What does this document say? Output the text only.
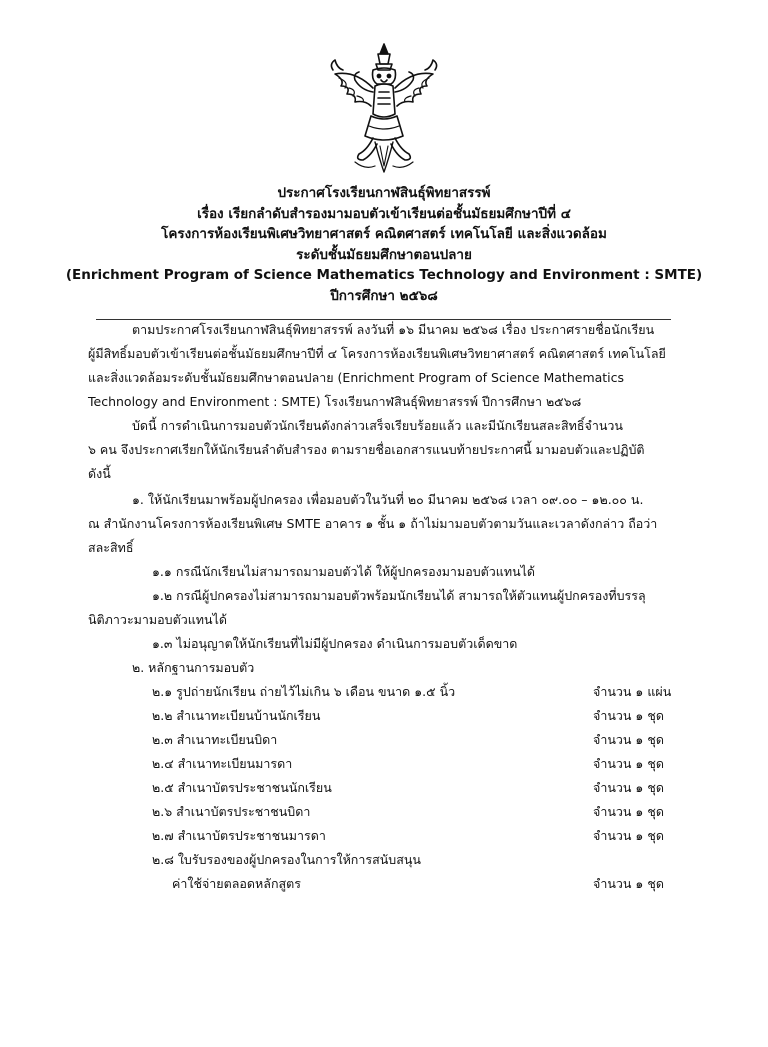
ประกาศโรงเรียนกาฬสินธุ์พิทยาสรรพ์
เรื่อง เรียกลำดับสำรองมามอบตัวเข้าเรียนต่อชั้นมัธยมศึกษาปีที่ ๔
โครงการห้องเรียนพิเศษวิทยาศาสตร์ คณิตศาสตร์ เทคโนโลยี และสิ่งแวดล้อม
ระดับชั้นมัธยมศึกษาตอนปลาย
(Enrichment Program of Science Mathematics Technology and Environment : SMTE)
ปีการศึกษา ๒๕๖๘
ตามประกาศโรงเรียนกาฬสินธุ์พิทยาสรรพ์ ลงวันที่ ๑๖ มีนาคม ๒๕๖๘ เรื่อง ประกาศรายชื่อนักเรียน
ผู้มีสิทธิ์มอบตัวเข้าเรียนต่อชั้นมัธยมศึกษาปีที่ ๔ โครงการห้องเรียนพิเศษวิทยาศาสตร์ คณิตศาสตร์ เทคโนโลยี
และสิ่งแวดล้อมระดับชั้นมัธยมศึกษาตอนปลาย (Enrichment Program of Science Mathematics
Technology and Environment : SMTE) โรงเรียนกาฬสินธุ์พิทยาสรรพ์ ปีการศึกษา ๒๕๖๘
บัดนี้ การดำเนินการมอบตัวนักเรียนดังกล่าวเสร็จเรียบร้อยแล้ว และมีนักเรียนสละสิทธิ์จำนวน
๖ คน จึงประกาศเรียกให้นักเรียนลำดับสำรอง ตามรายชื่อเอกสารแนบท้ายประกาศนี้ มามอบตัวและปฏิบัติ
ดังนี้
๑. ให้นักเรียนมาพร้อมผู้ปกครอง เพื่อมอบตัวในวันที่ ๒๐ มีนาคม ๒๕๖๘ เวลา ๐๙.๐๐ – ๑๒.๐๐ น.
ณ สำนักงานโครงการห้องเรียนพิเศษ SMTE อาคาร ๑ ชั้น ๑ ถ้าไม่มามอบตัวตามวันและเวลาดังกล่าว ถือว่า
สละสิทธิ์
๑.๑ กรณีนักเรียนไม่สามารถมามอบตัวได้ ให้ผู้ปกครองมามอบตัวแทนได้
๑.๒ กรณีผู้ปกครองไม่สามารถมามอบตัวพร้อมนักเรียนได้ สามารถให้ตัวแทนผู้ปกครองที่บรรลุ
นิติภาวะมามอบตัวแทนได้
๑.๓ ไม่อนุญาตให้นักเรียนที่ไม่มีผู้ปกครอง ดำเนินการมอบตัวเด็ดขาด
๒. หลักฐานการมอบตัว
๒.๑ รูปถ่ายนักเรียน ถ่ายไว้ไม่เกิน ๖ เดือน ขนาด ๑.๕ นิ้ว	จำนวน ๑ แผ่น
๒.๒ สำเนาทะเบียนบ้านนักเรียน	จำนวน ๑ ชุด
๒.๓ สำเนาทะเบียนบิดา	จำนวน ๑ ชุด
๒.๔ สำเนาทะเบียนมารดา	จำนวน ๑ ชุด
๒.๕ สำเนาบัตรประชาชนนักเรียน	จำนวน ๑ ชุด
๒.๖ สำเนาบัตรประชาชนบิดา	จำนวน ๑ ชุด
๒.๗ สำเนาบัตรประชาชนมารดา	จำนวน ๑ ชุด
๒.๘ ใบรับรองของผู้ปกครองในการให้การสนับสนุน
ค่าใช้จ่ายตลอดหลักสูตร	จำนวน ๑ ชุด
